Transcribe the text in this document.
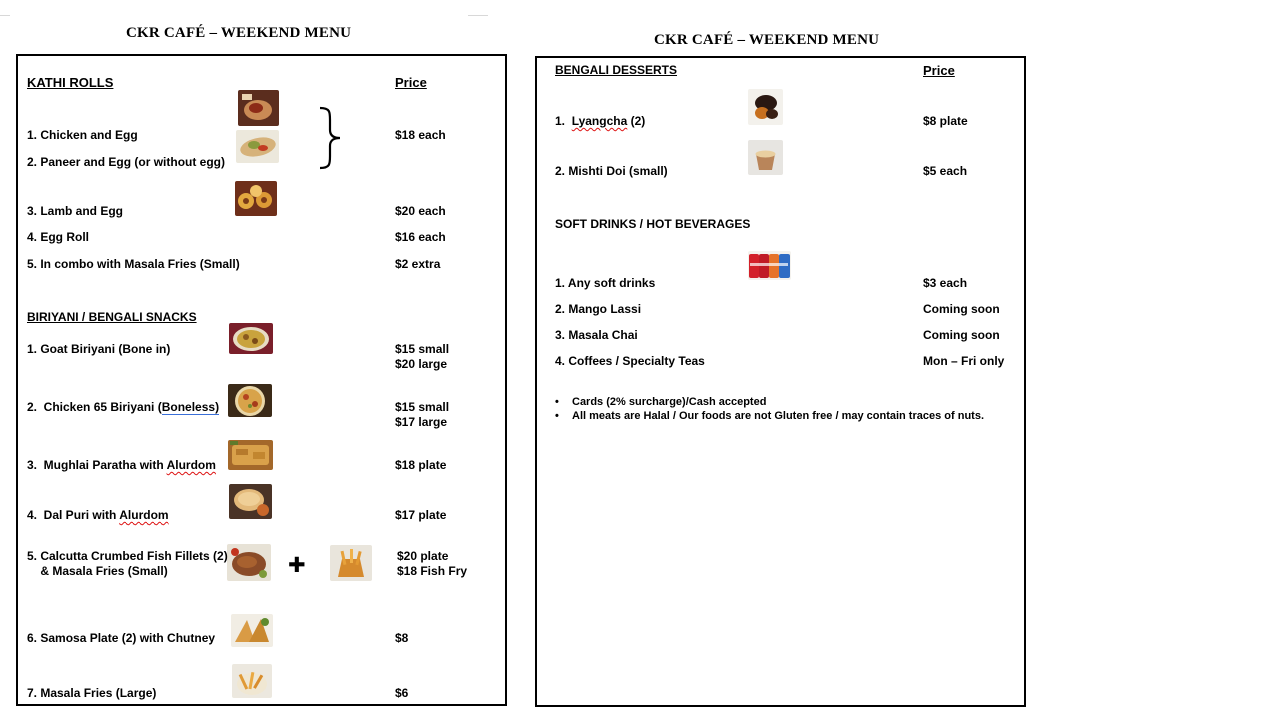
CKR CAFÉ – WEEKEND MENU
KATHI ROLLS	Price
1. Chicken and Egg	$18 each
2. Paneer and Egg (or without egg)
3. Lamb and Egg	$20 each
4. Egg Roll	$16 each
5. In combo with Masala Fries (Small)	$2 extra
BIRIYANI / BENGALI SNACKS
✚
1. Goat Biriyani (Bone in)	$15 small
$20 large
2.  Chicken 65 Biriyani (Boneless)	$15 small
$17 large
3.  Mughlai Paratha with Alurdom	$18 plate
4.  Dal Puri with Alurdom	$17 plate
5. Calcutta Crumbed Fish Fillets (2)
& Masala Fries (Small)
$20 plate
$18 Fish Fry
6. Samosa Plate (2) with Chutney	$8
7. Masala Fries (Large)	$6
CKR CAFÉ – WEEKEND MENU
BENGALI DESSERTS	Price
1.  Lyangcha (2)	$8 plate
2. Mishti Doi (small)	$5 each
SOFT DRINKS / HOT BEVERAGES
1. Any soft drinks	$3 each
2. Mango Lassi	Coming soon
3. Masala Chai	Coming soon
4. Coffees / Specialty Teas	Mon – Fri only
• Cards (2% surcharge)/Cash accepted
• All meats are Halal / Our foods are not Gluten free / may contain traces of nuts.
